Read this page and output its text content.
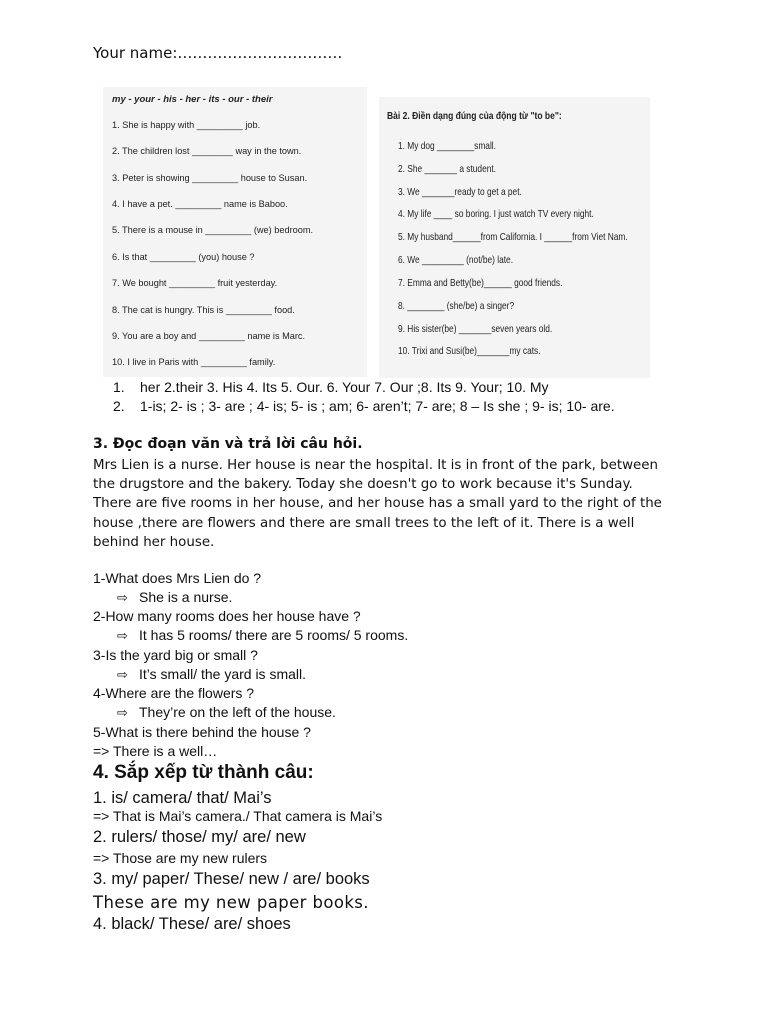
Your name:……………………………
my - your - his - her - its - our - their
1. She is happy with _________ job.
2. The children lost ________ way in the town.
3. Peter is showing _________ house to Susan.
4. I have a pet. _________ name is Baboo.
5. There is a mouse in _________ (we) bedroom.
6. Is that _________ (you) house ?
7. We bought _________ fruit yesterday.
8. The cat is hungry. This is _________ food.
9. You are a boy and _________ name is Marc.
10. I live in Paris with _________ family.
Bài 2. Điền dạng đúng của động từ "to be":
1. My dog ________small.
2. She _______ a student.
3. We _______ready to get a pet.
4. My life ____ so boring. I just watch TV every night.
5. My husband______from California. I ______from Viet Nam.
6. We _________ (not/be) late.
7. Emma and Betty(be)______ good friends.
8. ________ (she/be) a singer?
9. His sister(be) _______seven years old.
10. Trixi and Susi(be)_______my cats.
1. her 2.their 3. His 4. Its 5. Our. 6. Your 7. Our ;8. Its 9. Your; 10. My
2. 1-is; 2- is ; 3- are ; 4- is; 5- is ; am; 6- aren’t; 7- are; 8 – Is she ; 9- is; 10- are.
3. Đọc đoạn văn và trả lời câu hỏi.
Mrs Lien is a nurse. Her house is near the hospital. It is in front of the park, between
the drugstore and the bakery. Today she doesn't go to work because it's Sunday.
There are five rooms in her house, and her house has a small yard to the right of the
house ,there are flowers and there are small trees to the left of it. There is a well
behind her house.
1-What does Mrs Lien do ?
⇨ She is a nurse.
2-How many rooms does her house have ?
⇨ It has 5 rooms/ there are 5 rooms/ 5 rooms.
3-Is the yard big or small ?
⇨ It’s small/ the yard is small.
4-Where are the flowers ?
⇨ They’re on the left of the house.
5-What is there behind the house ?
=> There is a well…
4. Sắp xếp từ thành câu:
1. is/ camera/ that/ Mai’s
=> That is Mai’s camera./ That camera is Mai’s
2. rulers/ those/ my/ are/ new
=> Those are my new rulers
3. my/ paper/ These/ new / are/ books
These are my new paper books.
4. black/ These/ are/ shoes
